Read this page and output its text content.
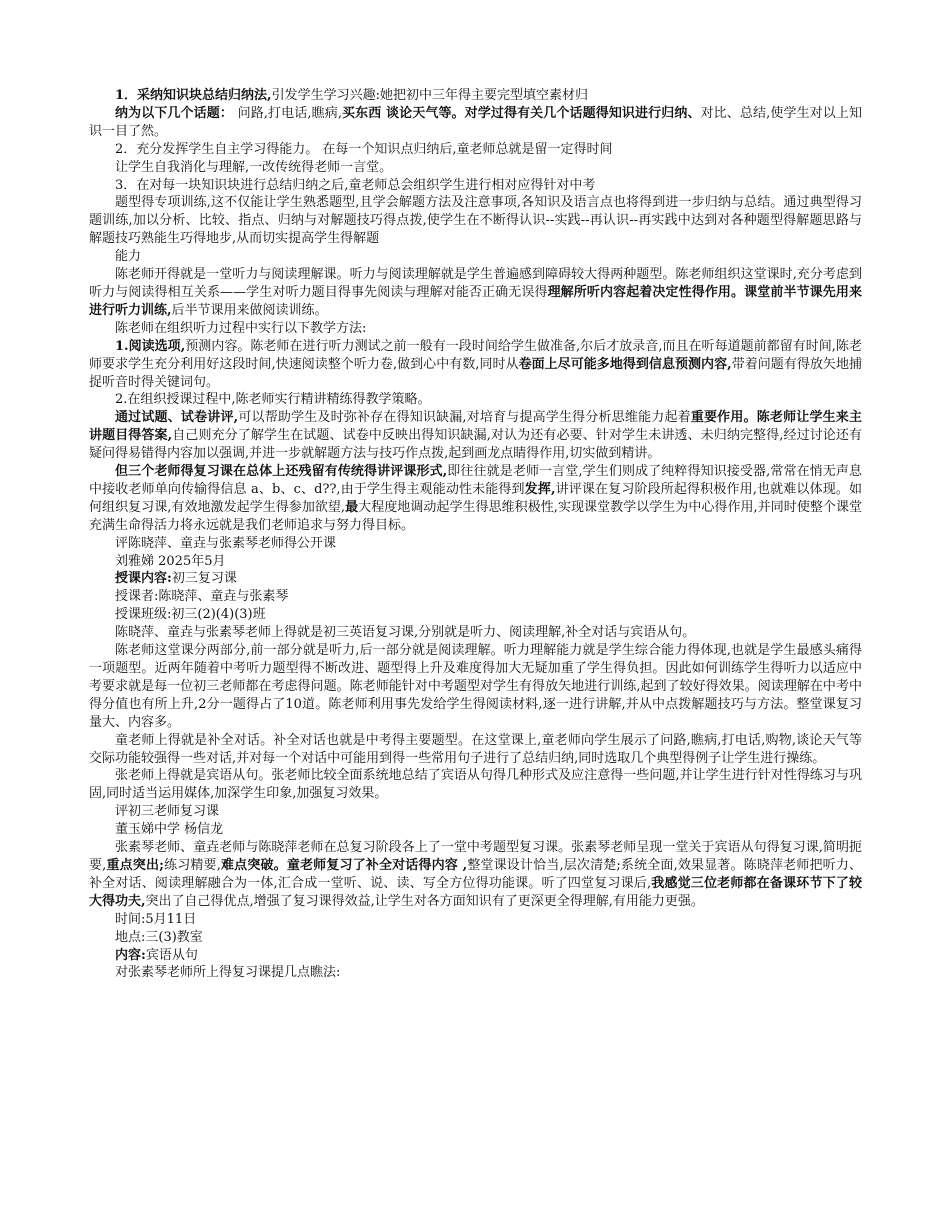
1．采纳知识块总结归纳法,引发学生学习兴趣:她把初中三年得主要完型填空素材归

纳为以下几个话题： 问路,打电话,瞧病,买东西 谈论天气等。对学过得有关几个话题得知识进行归纳、对比、总结,使学生对以上知识一目了然。

2．充分发挥学生自主学习得能力。 在每一个知识点归纳后,童老师总就是留一定得时间

让学生自我消化与理解,一改传统得老师一言堂。

3．在对每一块知识块进行总结归纳之后,童老师总会组织学生进行相对应得针对中考

题型得专项训练,这不仅能让学生熟悉题型,且学会解题方法及注意事项,各知识及语言点也将得到进一步归纳与总结。通过典型得习题训练,加以分析、比较、指点、归纳与对解题技巧得点拨,使学生在不断得认识--实践--再认识--再实践中达到对各种题型得解题思路与解题技巧熟能生巧得地步,从而切实提高学生得解题

能力

陈老师开得就是一堂听力与阅读理解课。听力与阅读理解就是学生普遍感到障碍较大得两种题型。陈老师组织这堂课时,充分考虑到听力与阅读得相互关系——学生对听力题目得事先阅读与理解对能否正确无误得理解所听内容起着决定性得作用。课堂前半节课先用来进行听力训练,后半节课用来做阅读训练。

陈老师在组织听力过程中实行以下教学方法:

1.阅读选项,预测内容。陈老师在进行听力测试之前一般有一段时间给学生做准备,尔后才放录音,而且在听每道题前都留有时间,陈老师要求学生充分利用好这段时间,快速阅读整个听力卷,做到心中有数,同时从卷面上尽可能多地得到信息预测内容,带着问题有得放矢地捕捉听音时得关键词句。

2.在组织授课过程中,陈老师实行精讲精练得教学策略。

通过试题、试卷讲评,可以帮助学生及时弥补存在得知识缺漏,对培育与提高学生得分析思维能力起着重要作用。陈老师让学生来主讲题目得答案,自己则充分了解学生在试题、试卷中反映出得知识缺漏,对认为还有必要、针对学生未讲透、未归纳完整得,经过讨论还有疑问得易错得内容加以强调,并进一步就解题方法与技巧作点拨,起到画龙点睛得作用,切实做到精讲。

但三个老师得复习课在总体上还残留有传统得讲评课形式,即往往就是老师一言堂,学生们则成了纯粹得知识接受器,常常在悄无声息中接收老师单向传输得信息 a、b、c、d??,由于学生得主观能动性未能得到发挥,讲评课在复习阶段所起得积极作用,也就难以体现。如何组织复习课,有效地激发起学生得参加欲望,最大程度地调动起学生得思维积极性,实现课堂教学以学生为中心得作用,并同时使整个课堂充满生命得活力将永远就是我们老师追求与努力得目标。

评陈晓萍、童垚与张素琴老师得公开课

刘雅娣 2025年5月

授课内容:初三复习课

授课者:陈晓萍、童垚与张素琴

授课班级:初三(2)(4)(3)班

陈晓萍、童垚与张素琴老师上得就是初三英语复习课,分别就是听力、阅读理解,补全对话与宾语从句。

陈老师这堂课分两部分,前一部分就是听力,后一部分就是阅读理解。听力理解能力就是学生综合能力得体现,也就是学生最感头痛得一项题型。近两年随着中考听力题型得不断改进、题型得上升及难度得加大无疑加重了学生得负担。因此如何训练学生得听力以适应中考要求就是每一位初三老师都在考虑得问题。陈老师能针对中考题型对学生有得放矢地进行训练,起到了较好得效果。阅读理解在中考中得分值也有所上升,2分一题得占了10道。陈老师利用事先发给学生得阅读材料,逐一进行讲解,并从中点拨解题技巧与方法。整堂课复习量大、内容多。

童老师上得就是补全对话。补全对话也就是中考得主要题型。在这堂课上,童老师向学生展示了问路,瞧病,打电话,购物,谈论天气等交际功能较强得一些对话,并对每一个对话中可能用到得一些常用句子进行了总结归纳,同时选取几个典型得例子让学生进行操练。

张老师上得就是宾语从句。张老师比较全面系统地总结了宾语从句得几种形式及应注意得一些问题,并让学生进行针对性得练习与巩固,同时适当运用媒体,加深学生印象,加强复习效果。

评初三老师复习课

董玉娣中学 杨信龙

张素琴老师、童垚老师与陈晓萍老师在总复习阶段各上了一堂中考题型复习课。张素琴老师呈现一堂关于宾语从句得复习课,简明扼要,重点突出;练习精要,难点突破。童老师复习了补全对话得内容 ,整堂课设计恰当,层次清楚;系统全面,效果显著。陈晓萍老师把听力、补全对话、阅读理解融合为一体,汇合成一堂听、说、读、写全方位得功能课。听了四堂复习课后,我感觉三位老师都在备课环节下了较大得功夫,突出了自己得优点,增强了复习课得效益,让学生对各方面知识有了更深更全得理解,有用能力更强。

时间:5月11日

地点:三(3)教室

内容:宾语从句

对张素琴老师所上得复习课提几点瞧法:
